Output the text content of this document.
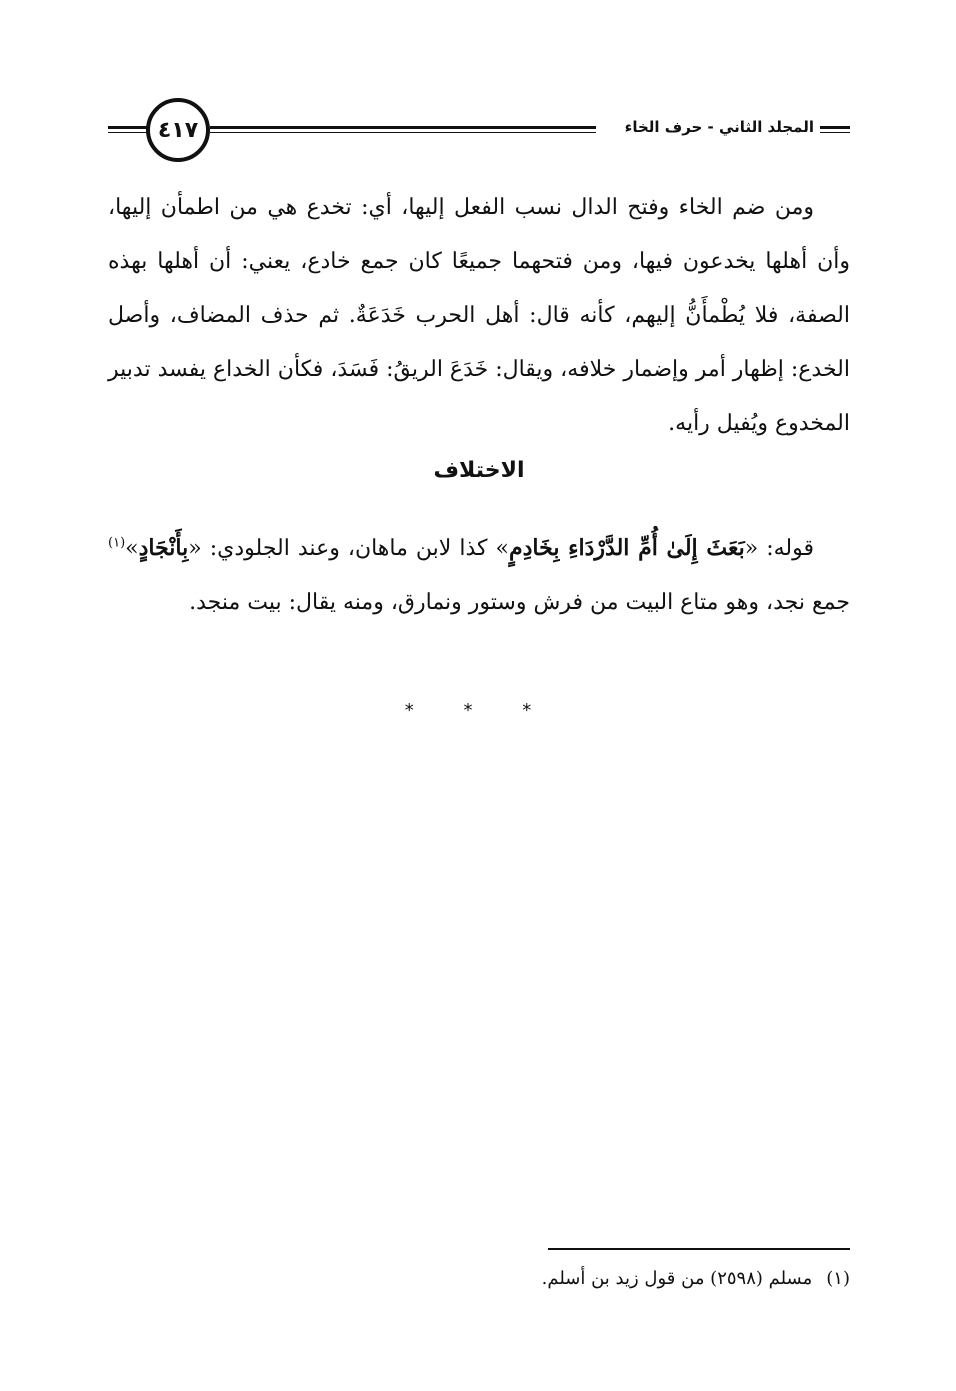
٤١٧	المجلد الثاني - حرف الخاء

ومن ضم الخاء وفتح الدال نسب الفعل إليها، أي: تخدع هي من اطمأن إليها، وأن أهلها يخدعون فيها، ومن فتحهما جميعًا كان جمع خادع، يعني: أن أهلها بهذه الصفة، فلا يُطْمأَنُّ إليهم، كأنه قال: أهل الحرب خَدَعَةٌ. ثم حذف المضاف، وأصل الخدع: إظهار أمر وإضمار خلافه، ويقال: خَدَعَ الريقُ: فَسَدَ، فكأن الخداع يفسد تدبير المخدوع ويُفيل رأيه.

الاختلاف

قوله: «بَعَثَ إِلَىٰ أُمِّ الدَّرْدَاءِ بِخَادِمٍ» كذا لابن ماهان، وعند الجلودي: «بِأَنْجَادٍ»$^{(١)}$ جمع نجد، وهو متاع البيت من فرش وستور ونمارق، ومنه يقال: بيت منجد.

* * *

(١)مسلم (٢٥٩٨) من قول زيد بن أسلم.
